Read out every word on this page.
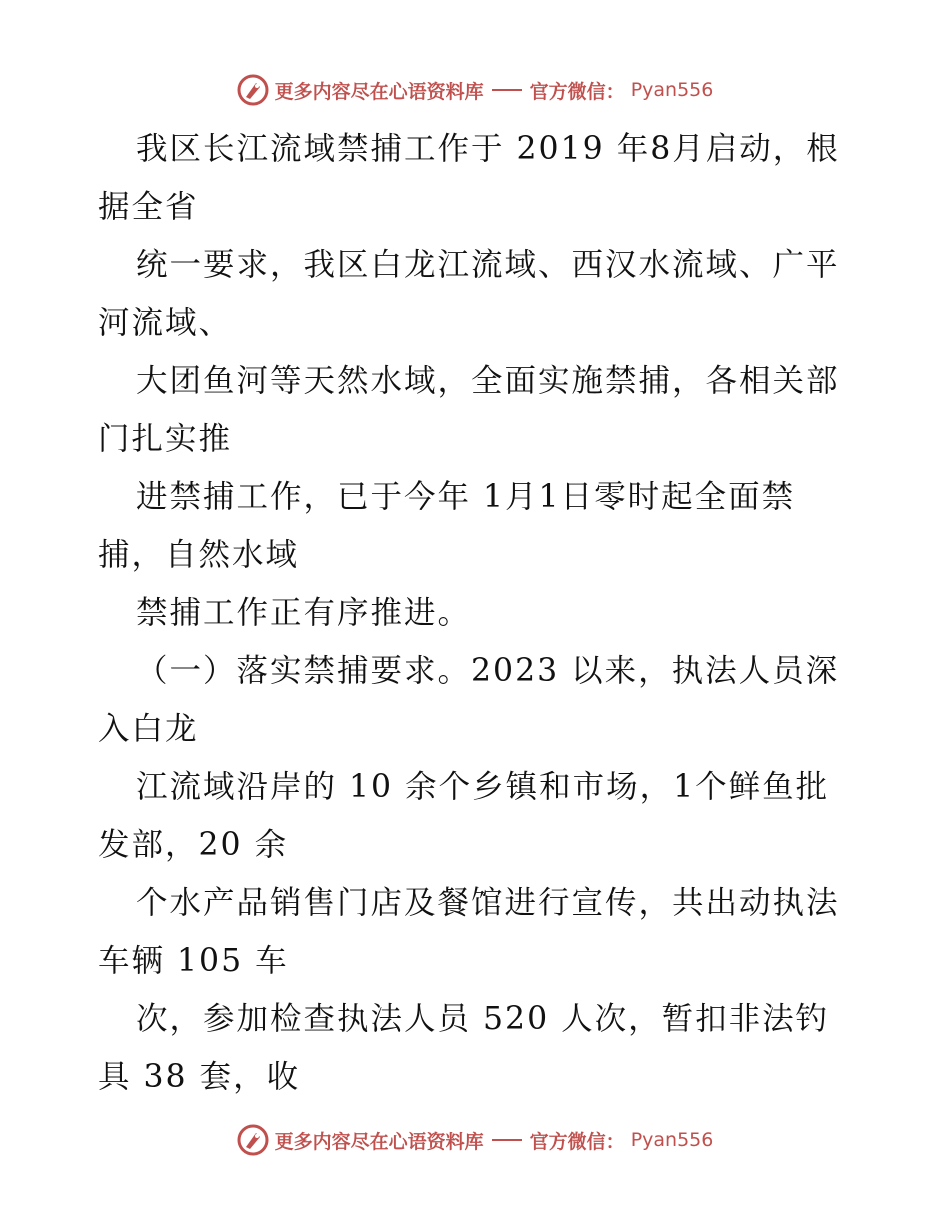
更多内容尽在心语资料库 官方微信： Pyan556
我区长江流域禁捕工作于 2019 年8月启动，根
据全省
统一要求，我区白龙江流域、西汉水流域、广平
河流域、
大团鱼河等天然水域，全面实施禁捕，各相关部
门扎实推
进禁捕工作，已于今年 1月1日零时起全面禁
捕，自然水域
禁捕工作正有序推进。
（一）落实禁捕要求。2023 以来，执法人员深
入白龙
江流域沿岸的 10 余个乡镇和市场，1个鲜鱼批
发部，20 余
个水产品销售门店及餐馆进行宣传，共出动执法
车辆 105 车
次，参加检查执法人员 520 人次，暂扣非法钓
具 38 套，收
更多内容尽在心语资料库 官方微信： Pyan556
